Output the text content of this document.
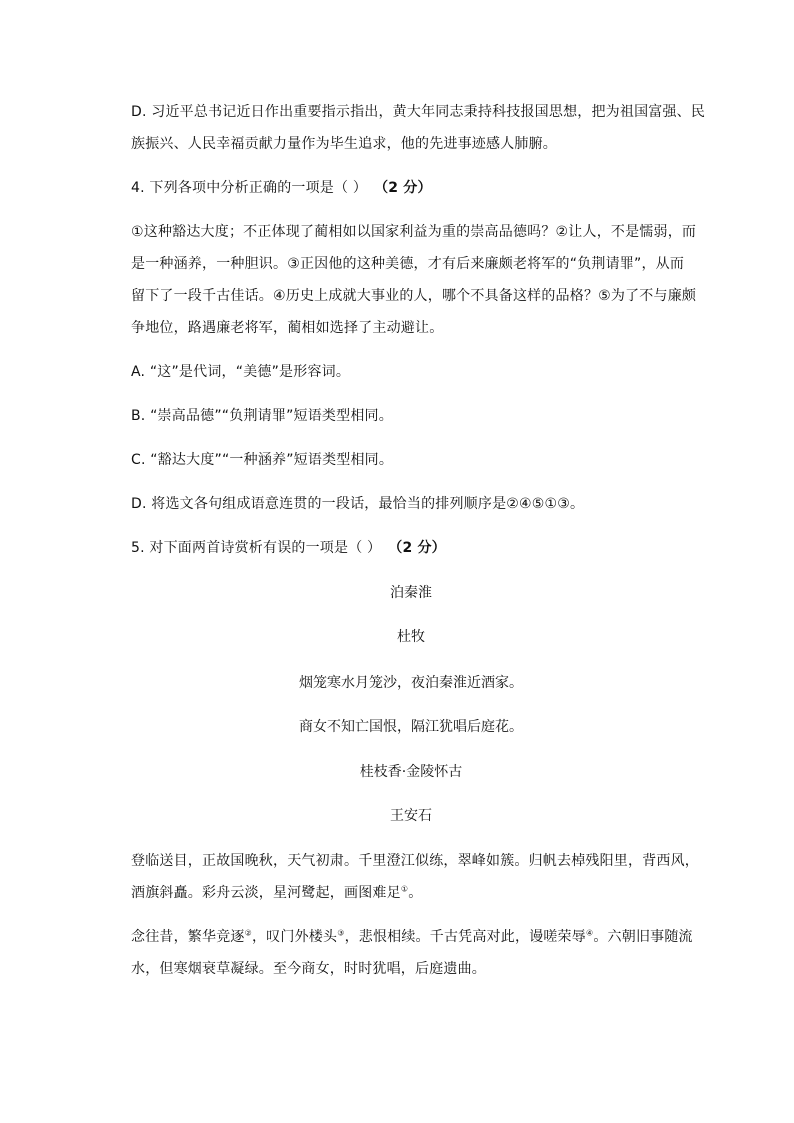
D. 习近平总书记近日作出重要指示指出，黄大年同志秉持科技报国思想，把为祖国富强、民
族振兴、人民幸福贡献力量作为毕生追求，他的先进事迹感人肺腑。
4. 下列各项中分析正确的一项是（ ） （2 分）
①这种豁达大度；不正体现了蔺相如以国家利益为重的崇高品德吗？②让人，不是懦弱，而
是一种涵养，一种胆识。③正因他的这种美德，才有后来廉颇老将军的“负荆请罪”，从而
留下了一段千古佳话。④历史上成就大事业的人，哪个不具备这样的品格？⑤为了不与廉颇
争地位，路遇廉老将军，蔺相如选择了主动避让。
A. “这”是代词，“美德”是形容词。
B. “崇高品德”“负荆请罪”短语类型相同。
C. “豁达大度”“一种涵养”短语类型相同。
D. 将选文各句组成语意连贯的一段话，最恰当的排列顺序是②④⑤①③。
5. 对下面两首诗赏析有误的一项是（ ） （2 分）
泊秦淮
杜牧
烟笼寒水月笼沙，夜泊秦淮近酒家。
商女不知亡国恨，隔江犹唱后庭花。
桂枝香·金陵怀古
王安石
登临送目，正故国晚秋，天气初肃。千里澄江似练，翠峰如簇。归帆去棹残阳里，背西风，
酒旗斜矗。彩舟云淡，星河鹭起，画图难足①。
念往昔，繁华竞逐②，叹门外楼头③，悲恨相续。千古凭高对此，谩嗟荣辱④。六朝旧事随流
水，但寒烟衰草凝绿。至今商女，时时犹唱，后庭遗曲。
